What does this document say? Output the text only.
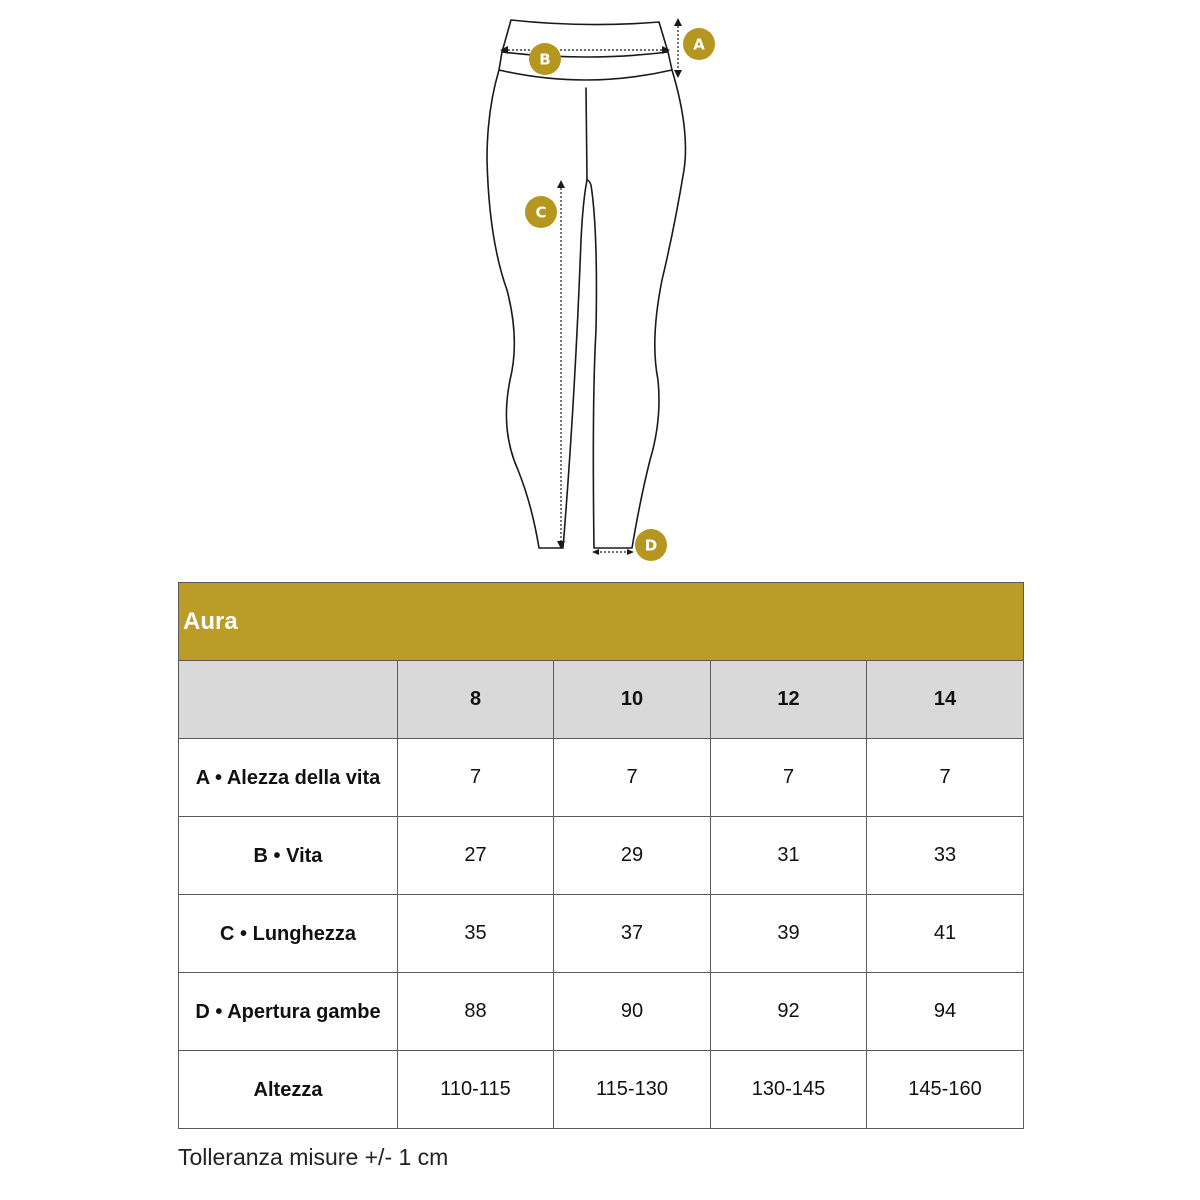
A
B
C
D
Aura				
	8	10	12	14
A • Alezza della vita	7	7	7	7
B • Vita	27	29	31	33
C • Lunghezza	35	37	39	41
D • Apertura gambe	88	90	92	94
Altezza	110-115	115-130	130-145	145-160
Tolleranza misure +/- 1 cm
